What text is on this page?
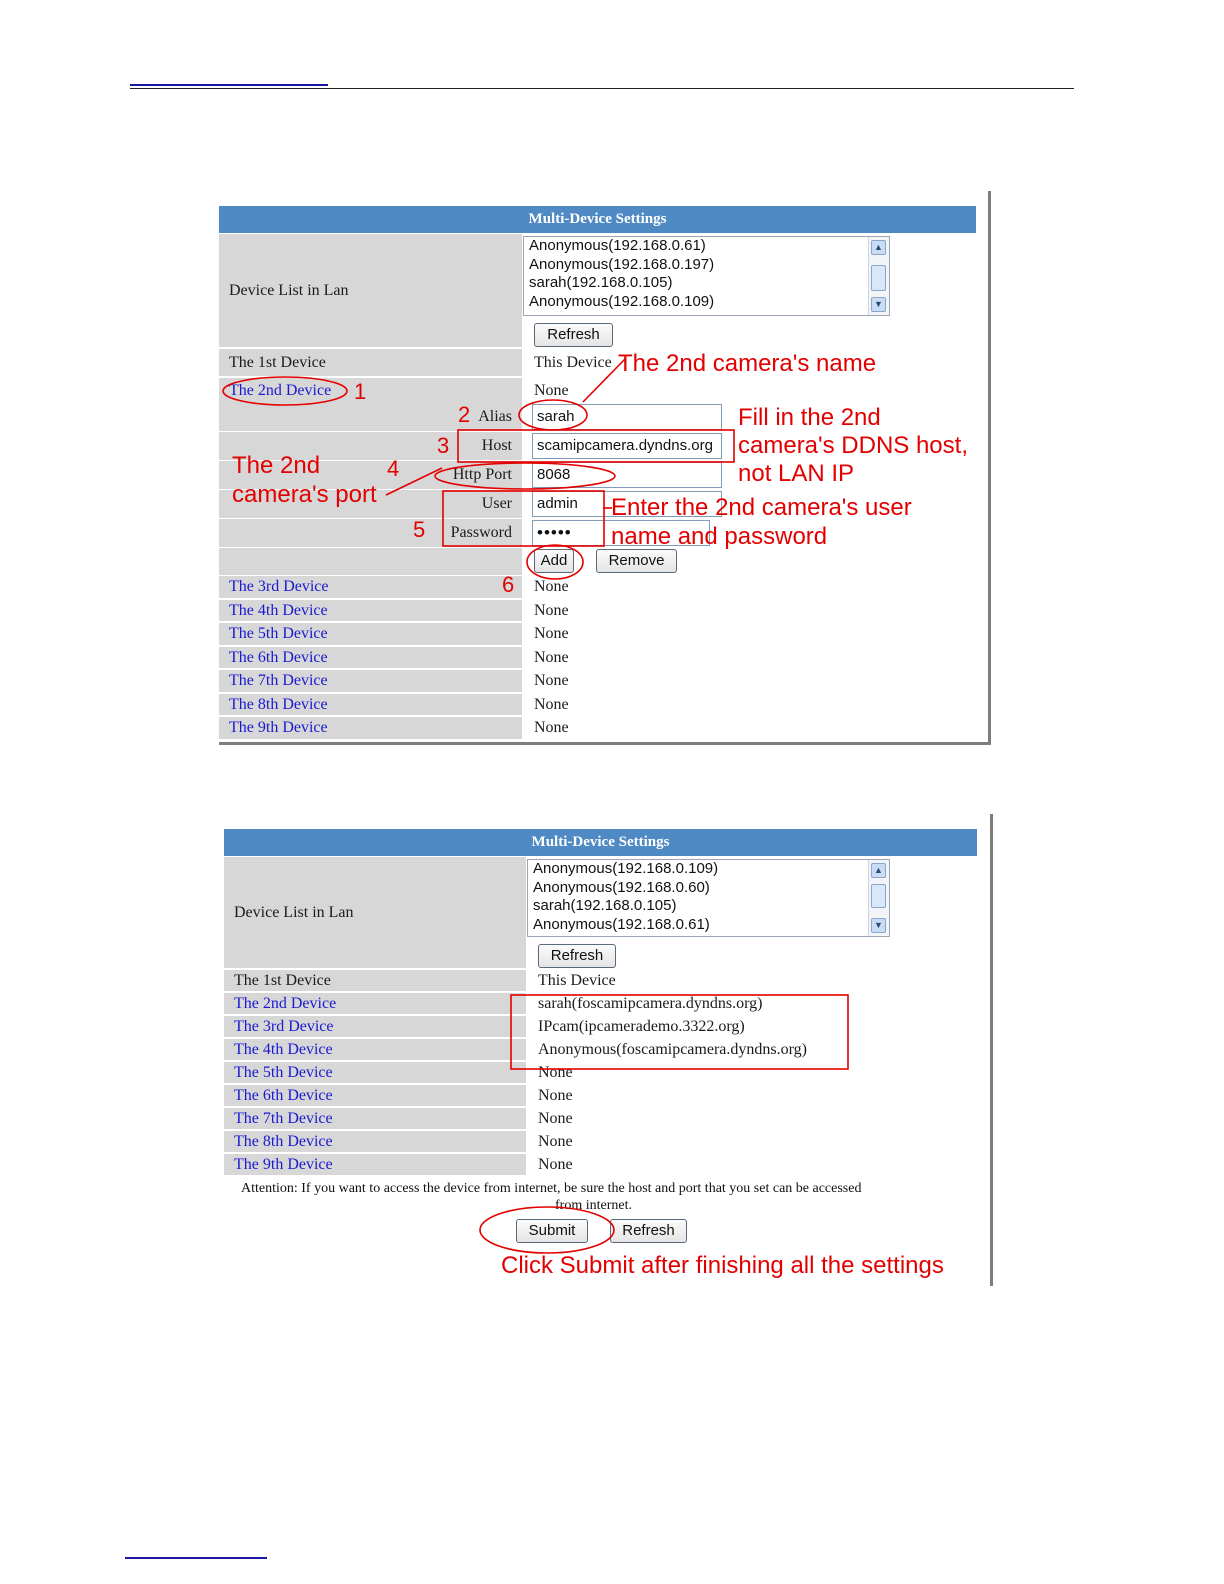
Multi-Device Settings
Device List in Lan
Anonymous(192.168.0.61)
Anonymous(192.168.0.197)
sarah(192.168.0.105)
Anonymous(192.168.0.109)
▲
▼
Refresh
The 1st Device	This Device
The 2nd Device	None
Alias	sarah
Host	scamipcamera.dyndns.org
Http Port	8068
User	admin
Password	•••••
Add	Remove
The 3rd Device	None
The 4th Device	None
The 5th Device	None
The 6th Device	None
The 7th Device	None
The 8th Device	None
The 9th Device	None
The 2nd camera's name
Fill in the 2nd
camera's DDNS host,
not LAN IP
The 2nd
camera's port	Enter the 2nd camera's user
name and password
1
2
3
4
5
6
Multi-Device Settings
Device List in Lan
Anonymous(192.168.0.109)
Anonymous(192.168.0.60)
sarah(192.168.0.105)
Anonymous(192.168.0.61)
▲
▼
Refresh
The 1st Device	This Device
The 2nd Device	sarah(foscamipcamera.dyndns.org)
The 3rd Device	IPcam(ipcamerademo.3322.org)
The 4th Device	Anonymous(foscamipcamera.dyndns.org)
The 5th Device	None
The 6th Device	None
The 7th Device	None
The 8th Device	None
The 9th Device	None
Attention: If you want to access the device from internet, be sure the host and port that you set can be accessed
from internet.
Submit	Refresh
Click Submit after finishing all the settings
